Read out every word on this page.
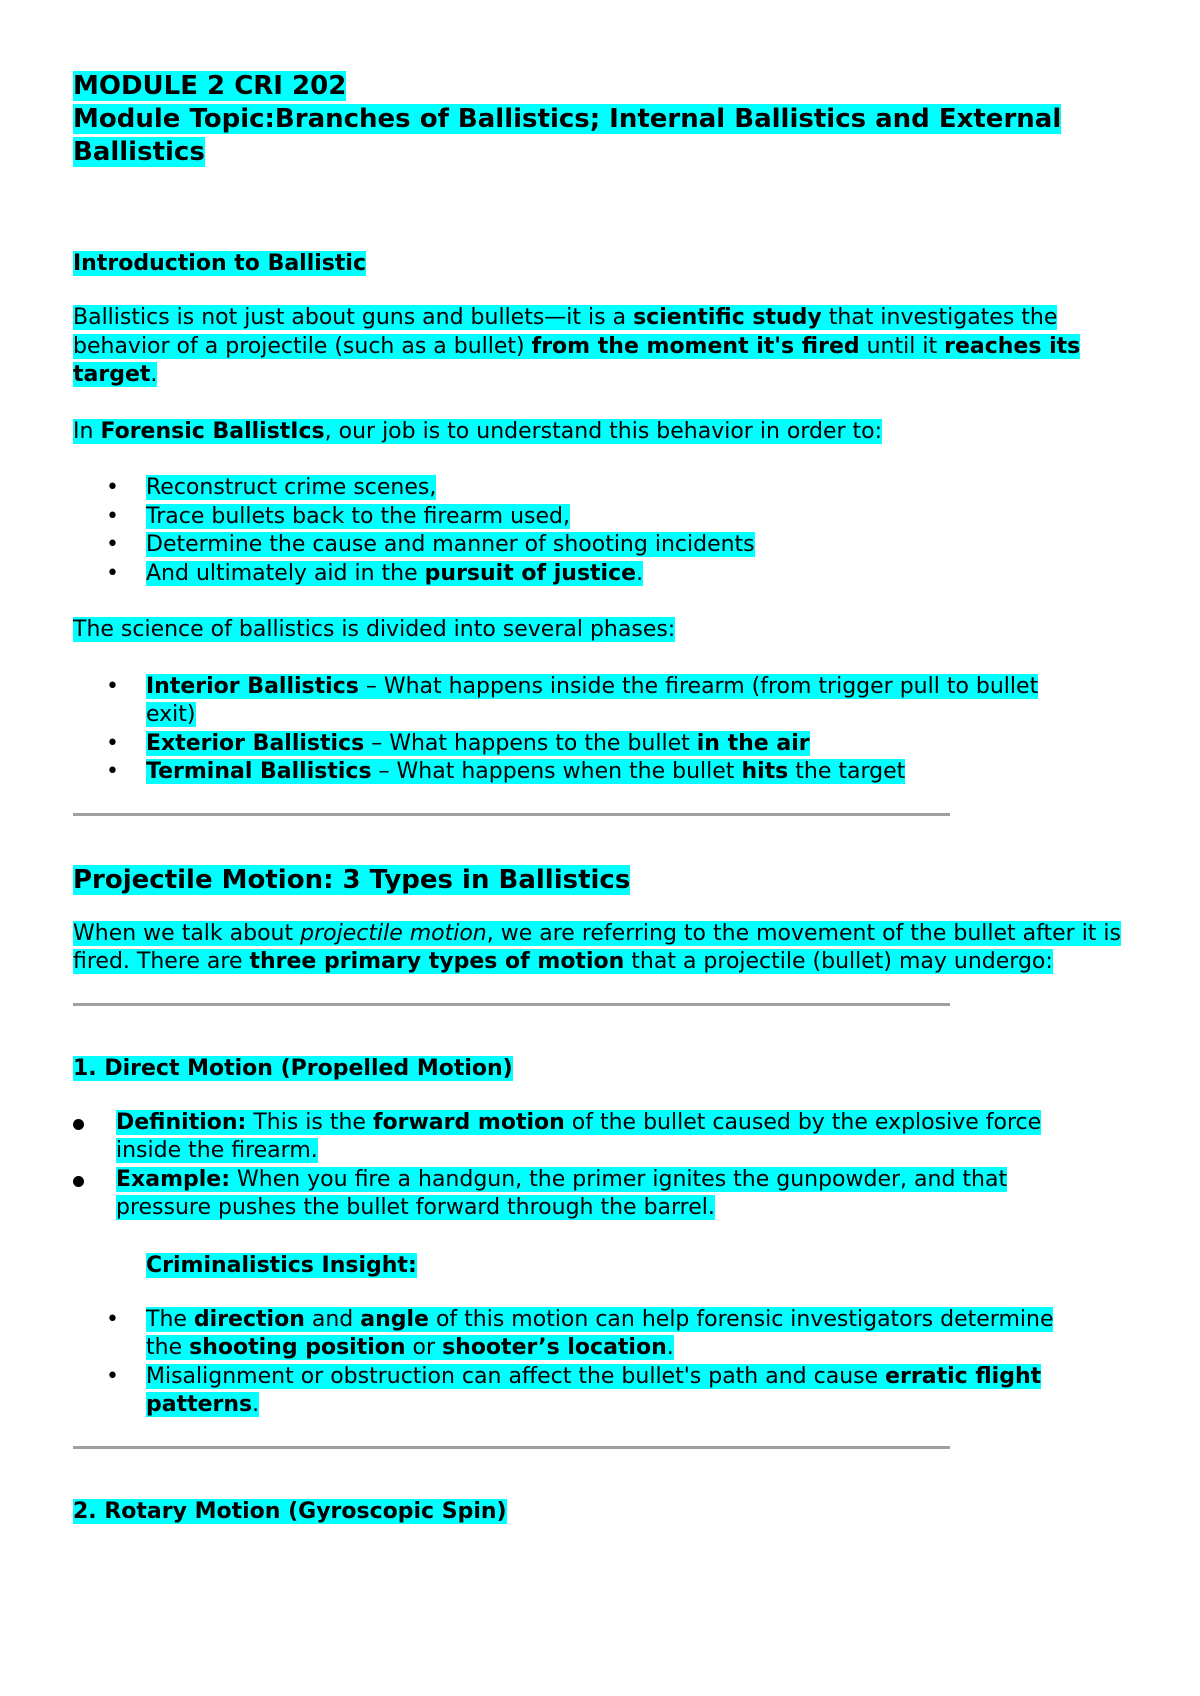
MODULE 2 CRI 202
Module Topic:Branches of Ballistics; Internal Ballistics and External
Ballistics
Introduction to Ballistic

Ballistics is not just about guns and bullets—it is a scientific study that investigates the behavior of a projectile (such as a bullet) from the moment it's fired until it reaches its target.

In Forensic BallistIcs, our job is to understand this behavior in order to:

• Reconstruct crime scenes,
• Trace bullets back to the firearm used,
• Determine the cause and manner of shooting incidents
• And ultimately aid in the pursuit of justice.

The science of ballistics is divided into several phases:

• Interior Ballistics – What happens inside the firearm (from trigger pull to bullet exit)
• Exterior Ballistics – What happens to the bullet in the air
• Terminal Ballistics – What happens when the bullet hits the target
Projectile Motion: 3 Types in Ballistics

When we talk about projectile motion, we are referring to the movement of the bullet after it is fired. There are three primary types of motion that a projectile (bullet) may undergo:

1. Direct Motion (Propelled Motion)
Definition: This is the forward motion of the bullet caused by the explosive force inside the firearm.
Example: When you fire a handgun, the primer ignites the gunpowder, and that pressure pushes the bullet forward through the barrel.
Criminalistics Insight:
• The direction and angle of this motion can help forensic investigators determine the shooting position or shooter’s location.
• Misalignment or obstruction can affect the bullet's path and cause erratic flight patterns.
2. Rotary Motion (Gyroscopic Spin)
